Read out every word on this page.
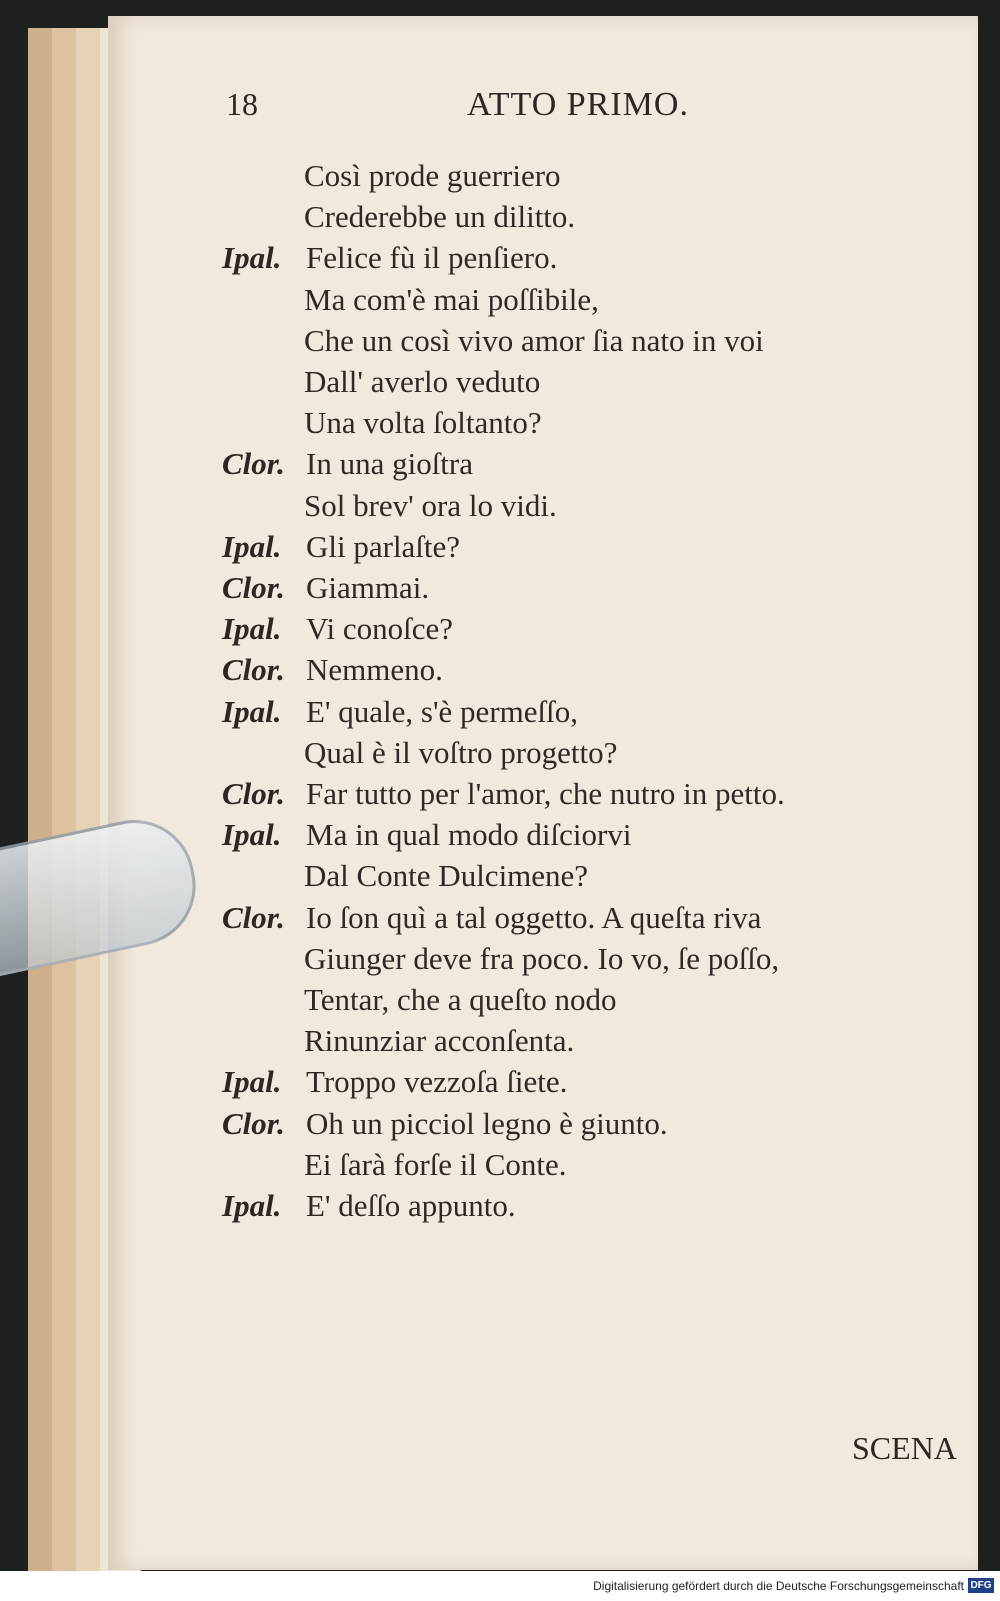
18	ATTO PRIMO.
Così prode guerriero
Crederebbe un dilitto.
Ipal. Felice fù il penſiero.
Ma com'è mai poſſibile,
Che un così vivo amor ſia nato in voi
Dall' averlo veduto
Una volta ſoltanto?
Clor. In una gioſtra
Sol brev' ora lo vidi.
Ipal. Gli parlaſte?
Clor. Giammai.
Ipal. Vi conoſce?
Clor. Nemmeno.
Ipal. E' quale, s'è permeſſo,
Qual è il voſtro progetto?
Clor. Far tutto per l'amor, che nutro in petto.
Ipal. Ma in qual modo diſciorvi
Dal Conte Dulcimene?
Clor. Io ſon quì a tal oggetto. A queſta riva
Giunger deve fra poco. Io vo, ſe poſſo,
Tentar, che a queſto nodo
Rinunziar acconſenta.
Ipal. Troppo vezzoſa ſiete.
Clor. Oh un picciol legno è giunto.
Ei ſarà forſe il Conte.
Ipal. E' deſſo appunto.
SCENA
Digitalisierung gefördert durch die Deutsche Forschungsgemeinschaft DFG
